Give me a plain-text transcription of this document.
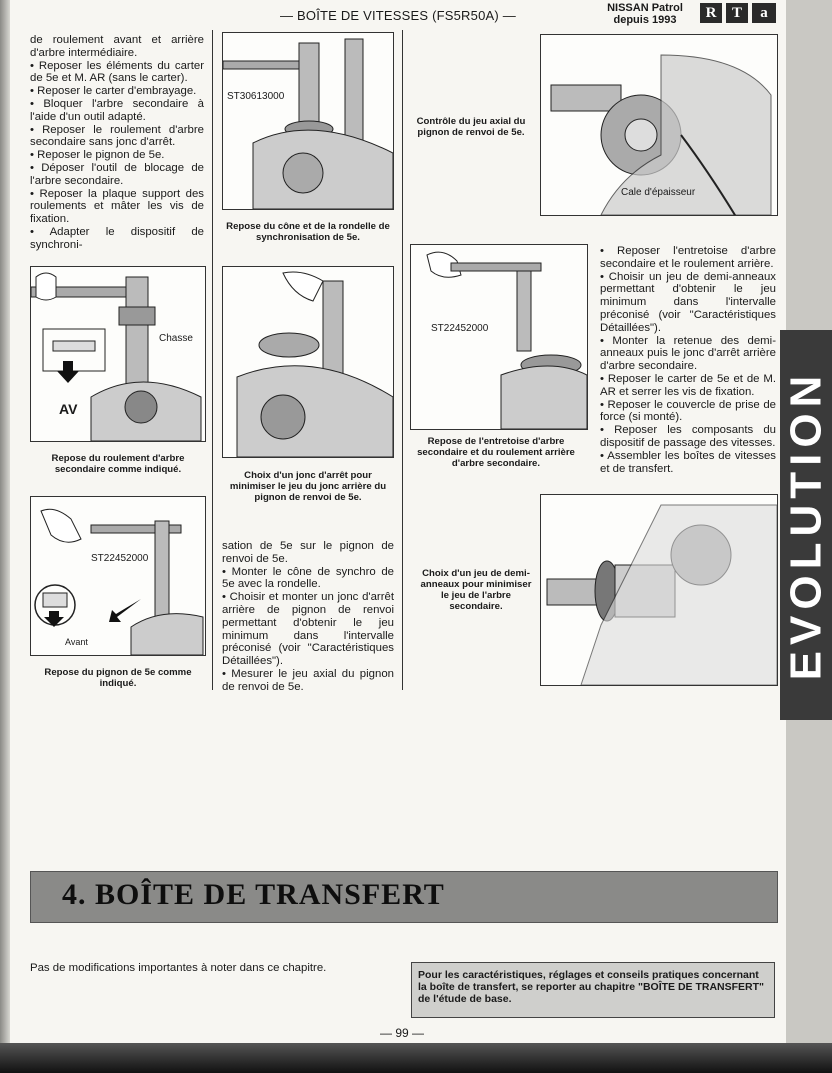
— BOÎTE DE VITESSES (FS5R50A) —	NISSAN Patrol
depuis 1993	R	T	a

de roulement avant et arrière d'arbre intermédiaire.

• Reposer les éléments du carter de 5e et M. AR (sans le carter).

• Reposer le carter d'embrayage.

• Bloquer l'arbre secondaire à l'aide d'un outil adapté.

• Reposer le roulement d'arbre secondaire sans jonc d'arrêt.

• Reposer le pignon de 5e.

• Déposer l'outil de blocage de l'arbre secondaire.

• Reposer la plaque support des roulements et mâter les vis de fixation.

• Adapter le dispositif de synchroni-

Chasse
AV
Repose du roulement d'arbre secondaire comme indiqué.
ST22452000
Avant
Repose du pignon de 5e comme indiqué.
ST30613000
Repose du cône et de la rondelle de synchronisation de 5e.
Choix d'un jonc d'arrêt pour minimiser le jeu du jonc arrière du pignon de renvoi de 5e.

sation de 5e sur le pignon de renvoi de 5e.

• Monter le cône de synchro de 5e avec la rondelle.

• Choisir et monter un jonc d'arrêt arrière de pignon de renvoi permettant d'obtenir le jeu minimum dans l'intervalle préconisé (voir "Caractéristiques Détaillées").

• Mesurer le jeu axial du pignon de renvoi de 5e.

Contrôle du jeu axial du pignon de renvoi de 5e.
Cale d'épaisseur
ST22452000
Repose de l'entretoise d'arbre secondaire et du roulement arrière d'arbre secondaire.

• Reposer l'entretoise d'arbre secondaire et le roulement arrière.

• Choisir un jeu de demi-anneaux permettant d'obtenir le jeu minimum dans l'intervalle préconisé (voir "Caractéristiques Détaillées").

• Monter la retenue des demi-anneaux puis le jonc d'arrêt arrière d'arbre secondaire.

• Reposer le carter de 5e et de M. AR et serrer les vis de fixation.

• Reposer le couvercle de prise de force (si monté).

• Reposer les composants du dispositif de passage des vitesses.

• Assembler les boîtes de vitesses et de transfert.

Choix d'un jeu de demi-anneaux pour minimiser le jeu de l'arbre secondaire.	EVOLUTION
4. BOÎTE DE TRANSFERT
Pas de modifications importantes à noter dans ce chapitre.
Pour les caractéristiques, réglages et conseils pratiques concernant la boîte de transfert, se reporter au chapitre "BOÎTE DE TRANSFERT" de l'étude de base.
— 99 —
